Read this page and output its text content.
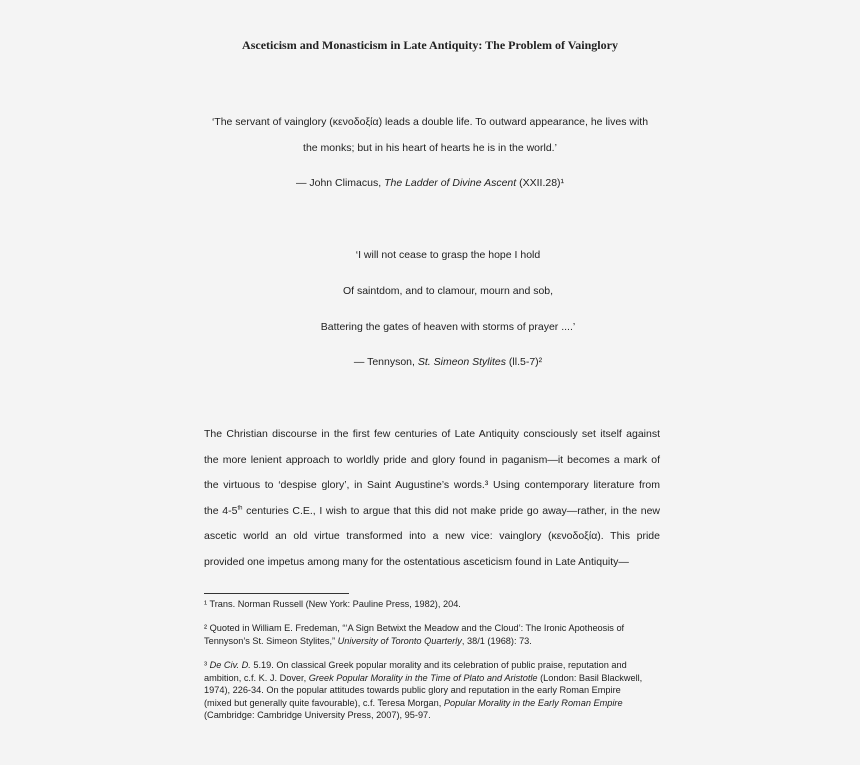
Asceticism and Monasticism in Late Antiquity: The Problem of Vainglory
‘The servant of vainglory (κενοδοξία) leads a double life. To outward appearance, he lives with
the monks; but in his heart of hearts he is in the world.’
— John Climacus, The Ladder of Divine Ascent (XXII.28)¹
‘I will not cease to grasp the hope I hold
Of saintdom, and to clamour, mourn and sob,
Battering the gates of heaven with storms of prayer ....’
— Tennyson, St. Simeon Stylites (ll.5-7)²
The Christian discourse in the first few centuries of Late Antiquity consciously set itself against
the more lenient approach to worldly pride and glory found in paganism—it becomes a mark of
the virtuous to ‘despise glory’, in Saint Augustine’s words.³ Using contemporary literature from
the 4-5th centuries C.E., I wish to argue that this did not make pride go away—rather, in the new
ascetic world an old virtue transformed into a new vice: vainglory (κενοδοξία). This pride
provided one impetus among many for the ostentatious asceticism found in Late Antiquity—
¹ Trans. Norman Russell (New York: Pauline Press, 1982), 204.
² Quoted in William E. Fredeman, “‘A Sign Betwixt the Meadow and the Cloud’: The Ironic Apotheosis of
Tennyson’s St. Simeon Stylites,” University of Toronto Quarterly, 38/1 (1968): 73.
³ De Civ. D. 5.19. On classical Greek popular morality and its celebration of public praise, reputation and
ambition, c.f. K. J. Dover, Greek Popular Morality in the Time of Plato and Aristotle (London: Basil Blackwell,
1974), 226-34. On the popular attitudes towards public glory and reputation in the early Roman Empire
(mixed but generally quite favourable), c.f. Teresa Morgan, Popular Morality in the Early Roman Empire
(Cambridge: Cambridge University Press, 2007), 95-97.
